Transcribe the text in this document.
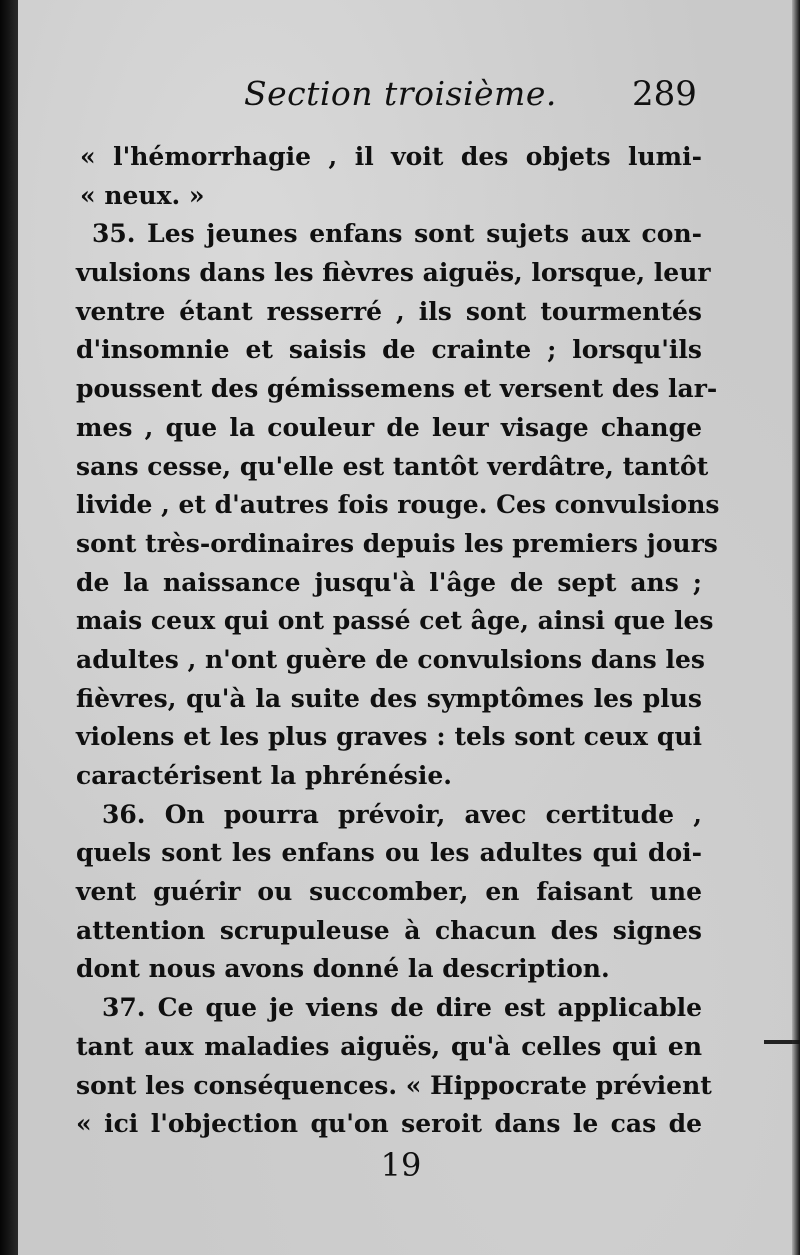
Section troisième. 289
« l'hémorrhagie , il voit des objets lumi-
« neux. »
35. Les jeunes enfans sont sujets aux con-
vulsions dans les fièvres aiguës, lorsque, leur
ventre étant resserré , ils sont tourmentés
d'insomnie et saisis de crainte ; lorsqu'ils
poussent des gémissemens et versent des lar-
mes , que la couleur de leur visage change
sans cesse, qu'elle est tantôt verdâtre, tantôt
livide , et d'autres fois rouge. Ces convulsions
sont très-ordinaires depuis les premiers jours
de la naissance jusqu'à l'âge de sept ans ;
mais ceux qui ont passé cet âge, ainsi que les
adultes , n'ont guère de convulsions dans les
fièvres, qu'à la suite des symptômes les plus
violens et les plus graves : tels sont ceux qui
caractérisent la phrénésie.
36. On pourra prévoir, avec certitude ,
quels sont les enfans ou les adultes qui doi-
vent guérir ou succomber, en faisant une
attention scrupuleuse à chacun des signes
dont nous avons donné la description.
37. Ce que je viens de dire est applicable
tant aux maladies aiguës, qu'à celles qui en
sont les conséquences. « Hippocrate prévient
« ici l'objection qu'on seroit dans le cas de
19
